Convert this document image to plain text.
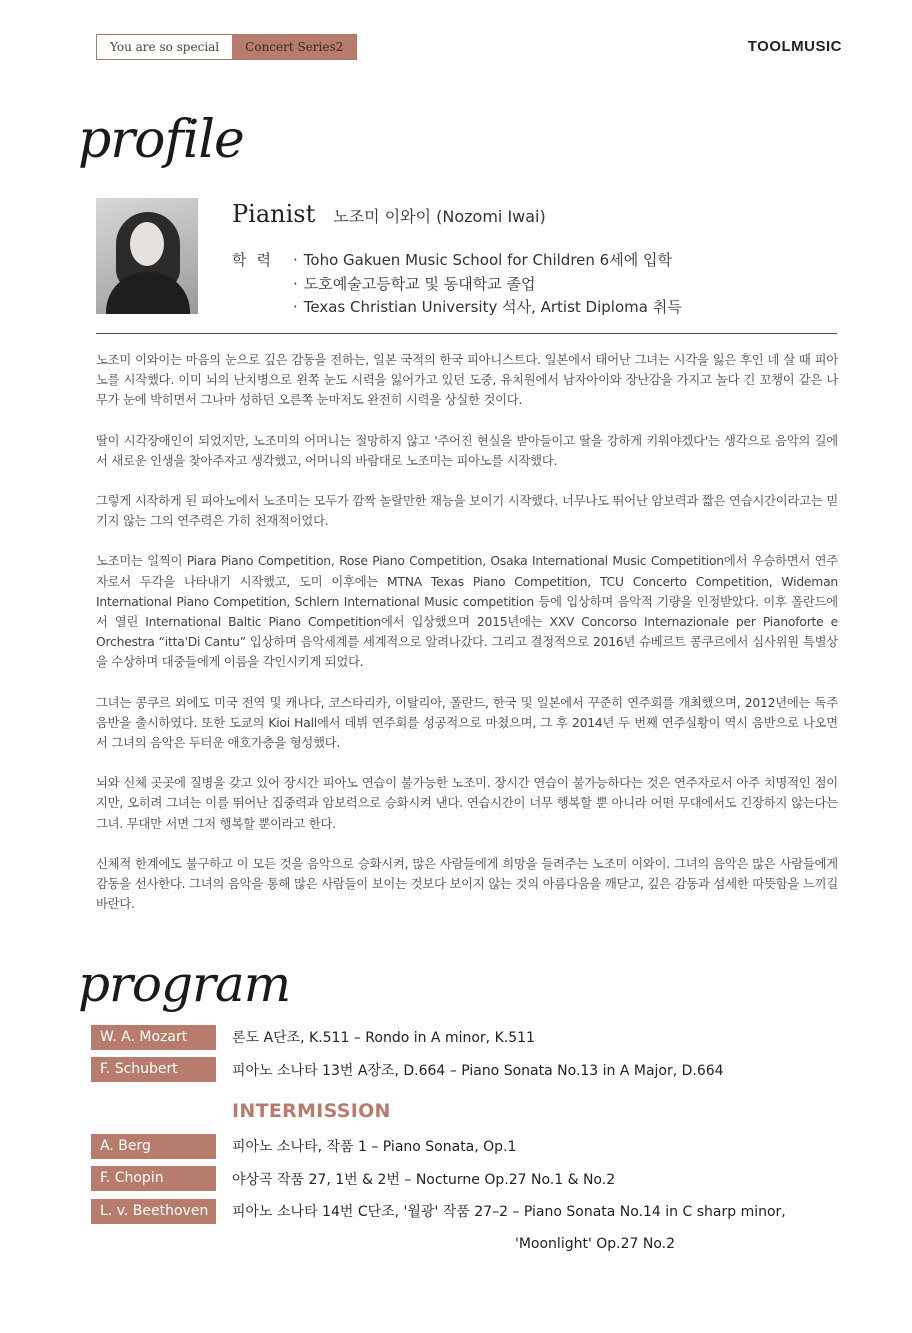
You are so special	Concert Series2	TOOLMUSIC
profile
Pianist 노조미 이와이 (Nozomi Iwai)
학력
·	Toho Gakuen Music School for Children 6세에 입학
· 도호예술고등학교 및 동대학교 졸업
· Texas Christian University 석사, Artist Diploma 취득

노조미 이와이는 마음의 눈으로 깊은 감동을 전하는, 일본 국적의 한국 피아니스트다. 일본에서 태어난 그녀는 시각을 잃은 후인 네 살 때 피아노를 시작했다. 이미 뇌의 난치병으로 왼쪽 눈도 시력을 잃어가고 있던 도중, 유치원에서 남자아이와 장난감을 가지고 놀다 긴 꼬챙이 같은 나무가 눈에 박히면서 그나마 성하던 오른쪽 눈마저도 완전히 시력을 상실한 것이다.

딸이 시각장애인이 되었지만, 노조미의 어머니는 절망하지 않고 '주어진 현실을 받아들이고 딸을 강하게 키워야겠다'는 생각으로 음악의 길에서 새로운 인생을 찾아주자고 생각했고, 어머니의 바람대로 노조미는 피아노를 시작했다.

그렇게 시작하게 된 피아노에서 노조미는 모두가 깜짝 놀랄만한 재능을 보이기 시작했다. 너무나도 뛰어난 암보력과 짧은 연습시간이라고는 믿기지 않는 그의 연주력은 가히 천재적이었다.

노조미는 일찍이 Piara Piano Competition, Rose Piano Competition, Osaka International Music Competition에서 우승하면서 연주자로서 두각을 나타내기 시작했고, 도미 이후에는 MTNA Texas Piano Competition, TCU Concerto Competition, Wideman International Piano Competition, Schlern International Music competition 등에 입상하며 음악적 기량을 인정받았다. 이후 폴란드에서 열린 International Baltic Piano Competition에서 입상했으며 2015년에는 XXV Concorso Internazionale per Pianoforte e Orchestra “itta'Di Cantu” 입상하며 음악세계를 세계적으로 알려나갔다. 그리고 결정적으로 2016년 슈베르트 콩쿠르에서 심사위원 특별상을 수상하며 대중들에게 이름을 각인시키게 되었다.

그녀는 콩쿠르 외에도 미국 전역 및 캐나다, 코스타리카, 이탈리아, 폴란드, 한국 및 일본에서 꾸준히 연주회를 개최했으며, 2012년에는 독주음반을 출시하였다. 또한 도쿄의 Kioi Hall에서 데뷔 연주회를 성공적으로 마쳤으며, 그 후 2014년 두 번째 연주실황이 역시 음반으로 나오면서 그녀의 음악은 두터운 애호가층을 형성했다.

뇌와 신체 곳곳에 질병을 갖고 있어 장시간 피아노 연습이 불가능한 노조미. 장시간 연습이 불가능하다는 것은 연주자로서 아주 치명적인 점이지만, 오히려 그녀는 이를 뛰어난 집중력과 암보력으로 승화시켜 낸다. 연습시간이 너무 행복할 뿐 아니라 어떤 무대에서도 긴장하지 않는다는 그녀. 무대만 서면 그저 행복할 뿐이라고 한다.

신체적 한계에도 불구하고 이 모든 것을 음악으로 승화시켜, 많은 사람들에게 희망을 들려주는 노조미 이와이. 그녀의 음악은 많은 사람들에게 감동을 선사한다. 그녀의 음악을 통해 많은 사람들이 보이는 것보다 보이지 않는 것의 아름다움을 깨닫고, 깊은 감동과 섬세한 따뜻함을 느끼길 바란다.

program
W. A. Mozart	론도 A단조, K.511 – Rondo in A minor, K.511
F. Schubert	피아노 소나타 13번 A장조, D.664 – Piano Sonata No.13 in A Major, D.664
INTERMISSION
A. Berg	피아노 소나타, 작품 1 – Piano Sonata, Op.1
F. Chopin	야상곡 작품 27, 1번 & 2번 – Nocturne Op.27 No.1 & No.2
L. v. Beethoven	피아노 소나타 14번 C단조, '월광' 작품 27–2 – Piano Sonata No.14 in C sharp minor,
'Moonlight' Op.27 No.2
